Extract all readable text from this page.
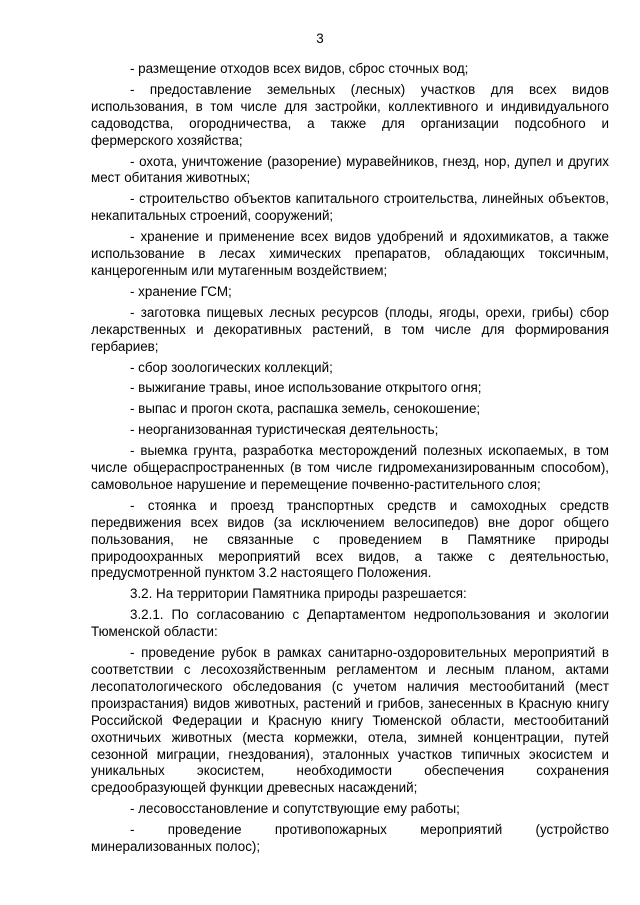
3

- размещение отходов всех видов, сброс сточных вод;

- предоставление земельных (лесных) участков для всех видов использования, в том числе для застройки, коллективного и индивидуального садоводства, огородничества, а также для организации подсобного и фермерского хозяйства;

- охота, уничтожение (разорение) муравейников, гнезд, нор, дупел и других мест обитания животных;

- строительство объектов капитального строительства, линейных объектов, некапитальных строений, сооружений;

- хранение и применение всех видов удобрений и ядохимикатов, а также использование в лесах химических препаратов, обладающих токсичным, канцерогенным или мутагенным воздействием;

- хранение ГСМ;

- заготовка пищевых лесных ресурсов (плоды, ягоды, орехи, грибы) сбор лекарственных и декоративных растений, в том числе для формирования гербариев;

- сбор зоологических коллекций;

- выжигание травы, иное использование открытого огня;

- выпас и прогон скота, распашка земель, сенокошение;

- неорганизованная туристическая деятельность;

- выемка грунта, разработка месторождений полезных ископаемых, в том числе общераспространенных (в том числе гидромеханизированным способом), самовольное нарушение и перемещение почвенно-растительного слоя;

- стоянка и проезд транспортных средств и самоходных средств передвижения всех видов (за исключением велосипедов) вне дорог общего пользования, не связанные с проведением в Памятнике природы природоохранных мероприятий всех видов, а также с деятельностью, предусмотренной пунктом 3.2 настоящего Положения.

3.2. На территории Памятника природы разрешается:

3.2.1. По согласованию с Департаментом недропользования и экологии Тюменской области:

- проведение рубок в рамках санитарно-оздоровительных мероприятий в соответствии с лесохозяйственным регламентом и лесным планом, актами лесопатологического обследования (с учетом наличия местообитаний (мест произрастания) видов животных, растений и грибов, занесенных в Красную книгу Российской Федерации и Красную книгу Тюменской области, местообитаний охотничьих животных (места кормежки, отела, зимней концентрации, путей сезонной миграции, гнездования), эталонных участков типичных экосистем и уникальных экосистем, необходимости обеспечения сохранения средообразующей функции древесных насаждений;

- лесовосстановление и сопутствующие ему работы;

- проведение противопожарных мероприятий (устройство минерализованных полос);
